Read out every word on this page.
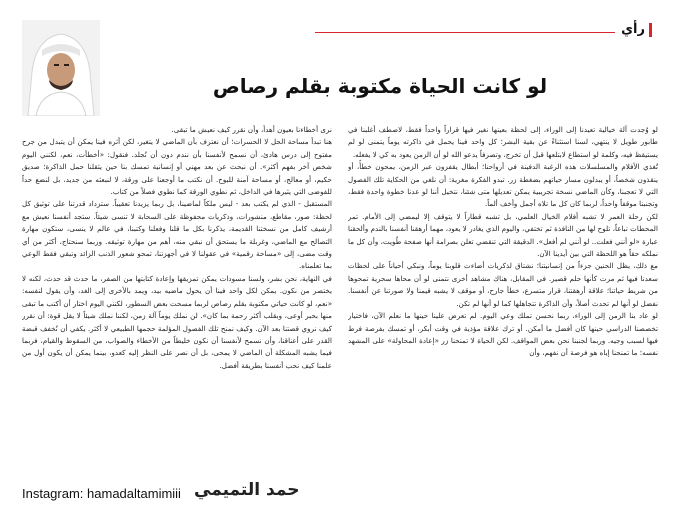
رأي
لو كانت الحياة مكتوبة بقلم رصاص

لو وُجدت آلة خيالية تعيدنا إلى الوراء، إلى لحظة بعينها نغير فيها قراراً واحداً فقط، لاصطف أغلبنا في طابور طويل لا ينتهي، لسنا استثناءً عن بقية البشر؛ كل واحد فينا يحمل في ذاكرته يوماً يتمنى لو لم يستيقظ فيه، وكلمة لو استطاع لابتلعها قبل أن تخرج، وتصرفاً يدعو الله لو أن الزمن يعود به كي لا يفعله.

تُغذي الأفلام والمسلسلات هذه الرغبة الدفينة في أرواحنا؛ أبطال يقفزون عبر الزمن، يمحون خطأً، أو ينقذون شخصاً، أو يبدلون مسار حياتهم بضغطة زر. تبدو الفكرة مغرية: أن نلغي من الحكاية تلك الفصول التي لا تعجبنا، وكأن الماضي نسخة تجريبية يمكن تعديلها متى شئنا، نتخيل أننا لو عدنا خطوة واحدة فقط، وتجنبنا موقفاً واحداً، لربما كان كل ما تلاه أجمل وأخف ألماً.

لكن رحلة العمر لا تشبه أفلام الخيال العلمي، بل تشبه قطاراً لا يتوقف إلا ليمضي إلى الأمام. تمر المحطات تباعاً، تلوح لها من النافذة ثم تختفي، واليوم الذي يغادر لا يعود، مهما أرهقنا أنفسنا بالندم وألحقنا عبارة «لو أنني فعلت.. لو أنني لم أفعل». الدقيقة التي تنقضي تعلن بصرامة أنها صفحة طُويت، وأن كل ما نملكه حقاً هو اللحظة التي بين أيدينا الآن.

مع ذلك، يظل الحنين جزءاً من إنسانيتنا؛ نشتاق لذكريات أضاءت قلوبنا يوماً، ونبكي أحياناً على لحظات سعدنا فيها ثم مرت كأنها حلم قصير. في المقابل، هناك مشاهد أخرى نتمنى لو أن محاها سحرية تمحوها من شريط حياتنا؛ علاقة أرهقتنا، قرار متسرع، خطأ جارح، أو موقف لا يشبه قيمنا ولا صورتنا عن أنفسنا. نفضل لو أنها لم تحدث أصلاً، وأن الذاكرة تتجاهلها كما لو أنها لم تكن.

لو عاد بنا الزمن إلى الوراء، ربما نحسن تملك وعي اليوم. لم تعرض علينا حينها ما نعلم الآن، فاختيار تخصصنا الدراسي حينها كان أفضل ما أمكن. أو ترك علاقة مؤذية في وقت أبكر، أو تمسك بفرصة فرط فيها لسبب وجيه. وربما لجنبنا نحن بعض المواقف. لكن الحياة لا تمنحنا زر «إعادة المحاولة» على المشهد نفسه؛ ما تمنحنا إياه هو فرصة أن نفهم، وأن

نرى أخطاءنا بعيون أهدأ، وأن نقرر كيف نعيش ما تبقى.

هنا تبدأ مساحة الحل لا الحسرات؛ أن نعترف بأن الماضي لا يتغير، لكن أثره فينا يمكن أن يتبدل من جرح مفتوح إلى درس هادئ، أن نسمح لأنفسنا بأن نندم دون أن نُجلد. فنقول: «أخطأت، نعم، لكنني اليوم شخص آخر بفهم أكثر». أن نبحث عن بعد مهني أو إنسانية تمسك بنا حين يثقلنا حمل الذاكرة؛ صديق حكيم، أو معالج، أو مساحة آمنة للبوح. أن نكتب ما أوجعنا على ورقة، لا لنبعثه من جديد، بل لنضع حداً للفوضى التي يثيرها في الداخل، ثم نطوي الورقة كما نطوي فصلاً من كتاب.

المستقبل - الذي لم يكتب بعد - ليس ملكاً لماضينا، بل ربما يزيدنا تعقيباً. ستزداد قدرتنا على توثيق كل لحظة: صور، مقاطع، منشورات، وذكريات محفوظة على السحابة لا تنسى شيئاً. ستجد أنفسنا نعيش مع أرشيف كامل من نسختنا القديمة، يذكرنا بكل ما قلنا وفعلنا وكتبنا، في عالم لا ينسى، ستكون مهارة التصالح مع الماضي، وغربلة ما يستحق أن نبقي منه، أهم من مهارة توثيقه. وربما سنحتاج، أكثر من أي وقت مضى، إلى «مساحة رقمية» في عقولنا لا في أجهزتنا، تمحو شعور الذنب الزائد وتبقي فقط الوعي بما تعلمناه.

في النهاية، نحن بشر، ولسنا مسودات يمكن تمزيقها وإعادة كتابتها من الصفر، ما حدث قد حدث، لكنه لا يختصر من نكون. يمكن لكل واحد فينا أن يحول ماضيه بيد، ويمد بالأخرى إلى الغد، وأن يقول لنفسه: «نعم، لو كانت حياتي مكتوبة بقلم رصاص لربما مسحت بعض السطور، لكنني اليوم اختار أن أكتب ما تبقى منها بحبر أوعى، وبقلب أكثر رحمة بما كان». لن نملك يوماً آلة زمن، لكننا نملك شيئاً لا يقل قوة: أن نقرر كيف نروي قصتنا بعد الآن. وكيف نمنح تلك الفصول المؤلمة حجمها الطبيعي لا أكثر. يكفي أن نُخفف قبضة القدر على أعناقنا، وأن نسمح لأنفسنا أن نكون خليطاً من الأخطاء والصواب، من السقوط والقيام، فربما فيما يشبه المشكلة أن الماضي لا يمحى، بل أن نصر على النظر إليه كعدو، بينما يمكن أن يكون أول من علمنا كيف نحب أنفسنا بطريقة أفضل.

Instagram: hamadaltamimiii حمد التميمي
